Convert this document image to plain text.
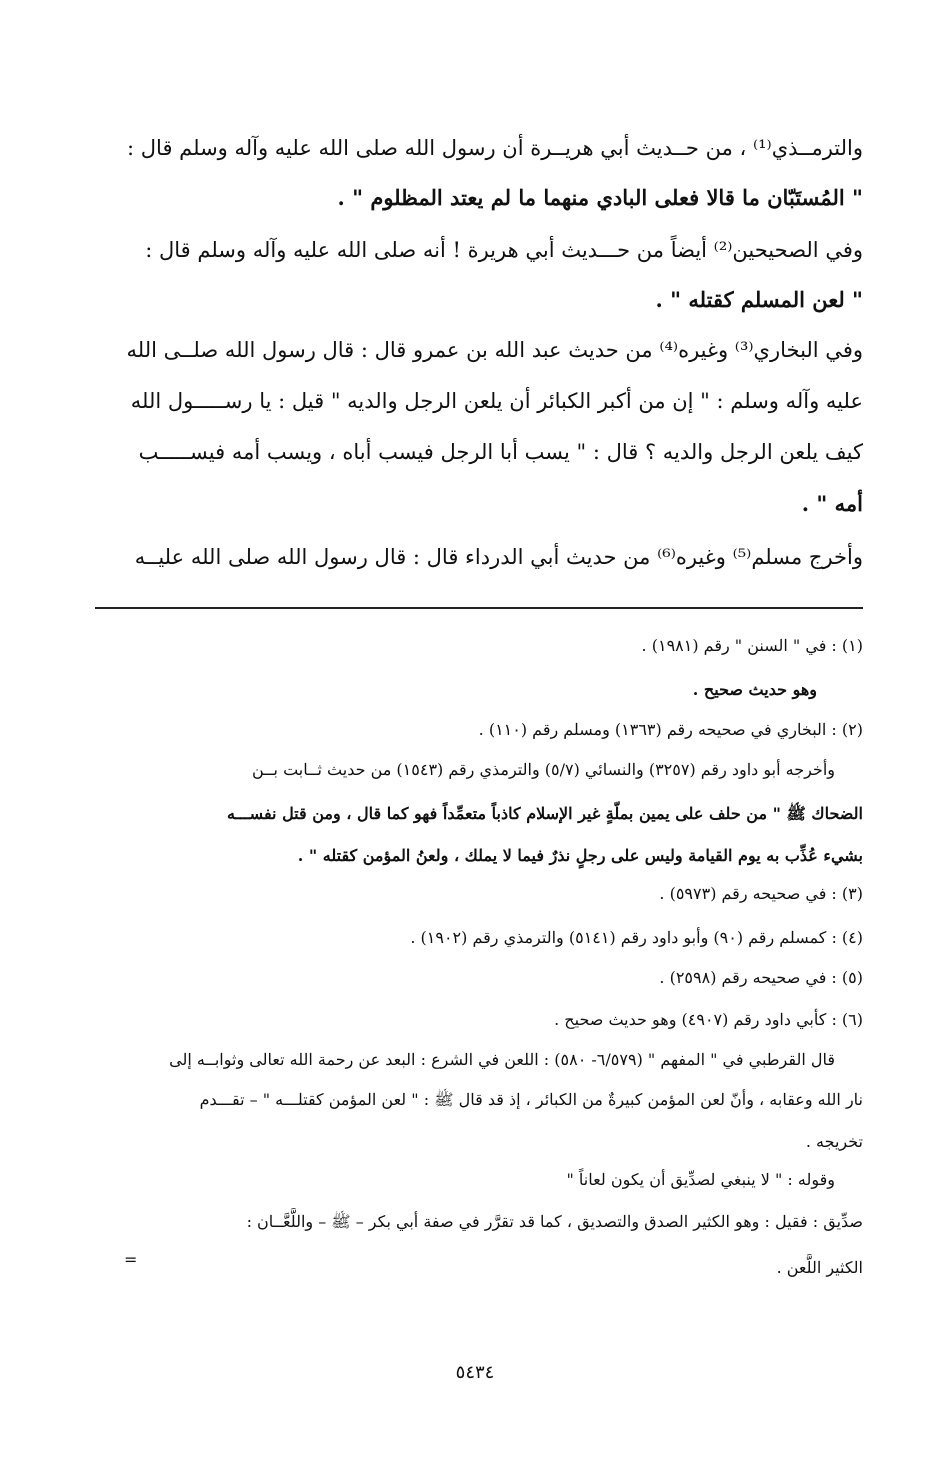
والترمــذي⁽¹⁾ ، من حــديث أبي هريــرة أن رسول الله صلى الله عليه وآله وسلم قال :
" المُستَبّان ما قالا فعلى البادي منهما ما لم يعتد المظلوم " .
وفي الصحيحين⁽²⁾ أيضاً من حـــديث أبي هريرة ! أنه صلى الله عليه وآله وسلم قال :
" لعن المسلم كقتله " .
وفي البخاري⁽³⁾ وغيره⁽⁴⁾ من حديث عبد الله بن عمرو قال : قال رسول الله صلــى الله
عليه وآله وسلم : " إن من أكبر الكبائر أن يلعن الرجل والديه " قيل : يا رســـــول الله
كيف يلعن الرجل والديه ؟ قال : " يسب أبا الرجل فيسب أباه ، ويسب أمه فيســـــب
أمه " .
وأخرج مسلم⁽⁵⁾ وغيره⁽⁶⁾ من حديث أبي الدرداء قال : قال رسول الله صلى الله عليــه
(١) : في " السنن " رقم (١٩٨١) .
وهو حديث صحيح .
(٢) : البخاري في صحيحه رقم (١٣٦٣) ومسلم رقم (١١٠) .
وأخرجه أبو داود رقم (٣٢٥٧) والنسائي (٥/٧) والترمذي رقم (١٥٤٣) من حديث ثــابت بــن
الضحاك ﷺ " من حلف على يمين بملّةٍ غير الإسلام كاذباً متعمِّداً فهو كما قال ، ومن قتل نفســـه
بشيء عُذِّب به يوم القيامة وليس على رجلٍ نذرٌ فيما لا يملك ، ولعنُ المؤمن كقتله " .
(٣) : في صحيحه رقم (٥٩٧٣) .
(٤) : كمسلم رقم (٩٠) وأبو داود رقم (٥١٤١) والترمذي رقم (١٩٠٢) .
(٥) : في صحيحه رقم (٢٥٩٨) .
(٦) : كأبي داود رقم (٤٩٠٧) وهو حديث صحيح .
قال القرطبي في " المفهم " (٦/٥٧٩- ٥٨٠) : اللعن في الشرع : البعد عن رحمة الله تعالى وثوابــه إلى
نار الله وعقابه ، وأنّ لعن المؤمن كبيرةٌ من الكبائر ، إذ قد قال ﷺ : " لعن المؤمن كقتلـــه " – تقـــدم
تخريجه .
وقوله : " لا ينبغي لصدِّيق أن يكون لعاناً "
صدِّيق : فقيل : وهو الكثير الصدق والتصديق ، كما قد تقرَّر في صفة أبي بكر – ﷺ – واللَّعَّــان :
الكثير اللَّعن .
=
٥٤٣٤
